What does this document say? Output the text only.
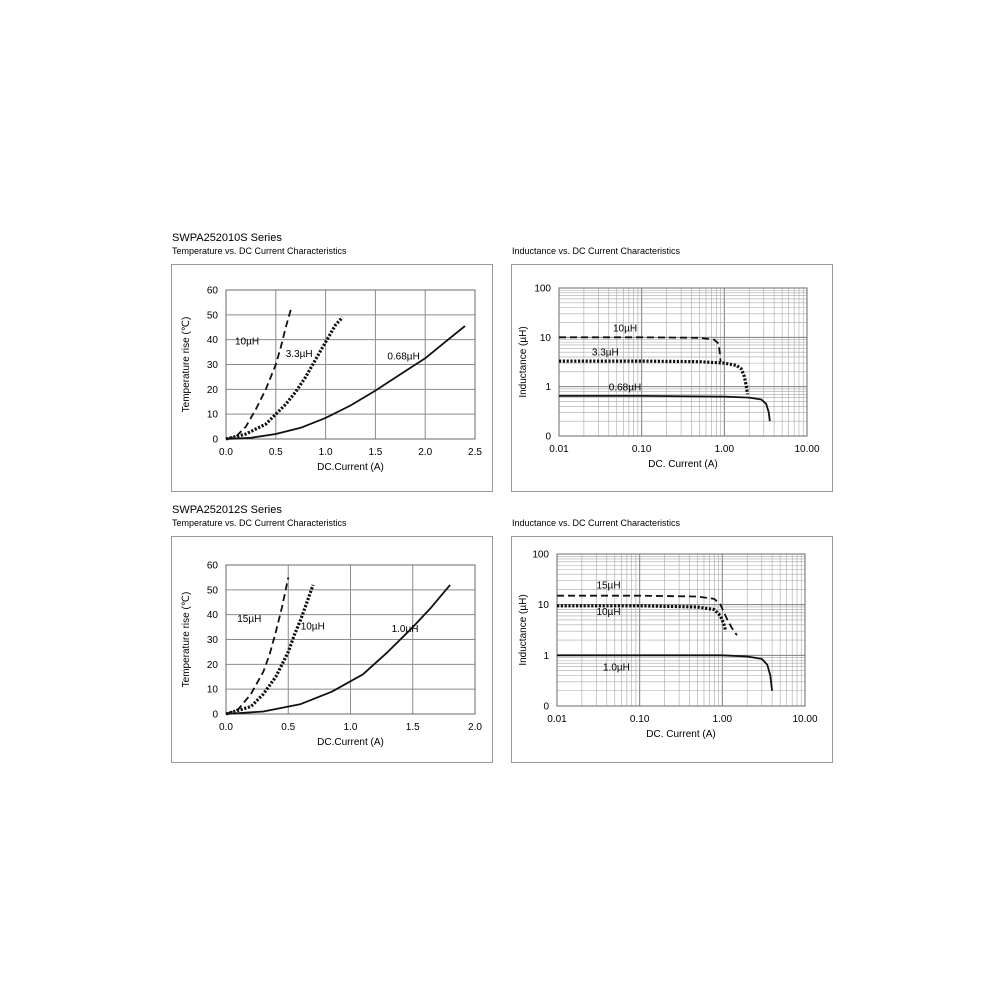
SWPA252010S Series
Temperature vs. DC Current Characteristics	Inductance vs. DC Current Characteristics
0.0	0.5	1.0	1.5	2.0	2.5
0
10
20
30
40
50
60
DC.Current (A)
Temperature rise (℃)	10µH
3.3µH	0.68µH
0.01	0.10	1.00	10.00
0
1
10
100
DC. Current (A)
Inductance (µH)	10µH
3.3µH
0.68µH
SWPA252012S Series
Temperature vs. DC Current Characteristics	Inductance vs. DC Current Characteristics
0.0	0.5	1.0	1.5	2.0
0
10
20
30
40
50
60
DC.Current (A)
Temperature rise (℃)	15µH
10µH	1.0µH
0.01	0.10	1.00	10.00
0
1
10
100
DC. Current (A)
Inductance (µH)
15µH
10µH
1.0µH
